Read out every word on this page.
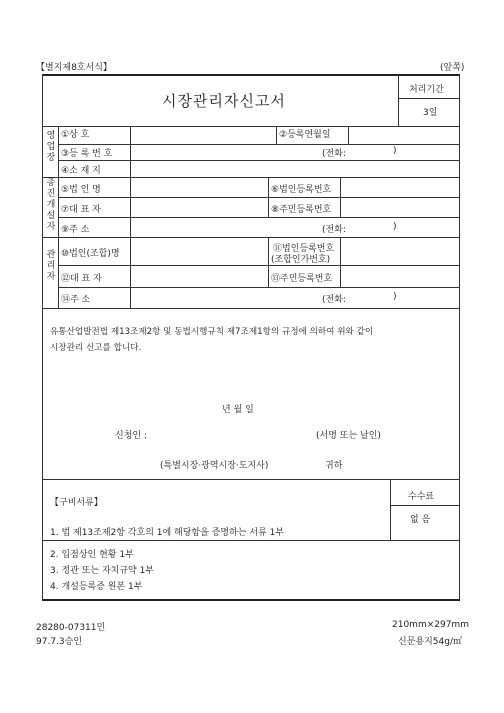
【별지제8호서식】	(앞쪽)
시장관리자신고서
처리기간
3일
영
업
장
①상 호	②등록연월일
③등 록 번 호	(전화:	)
④소 재 지
총
진
개
설
자
⑤법 인 명	⑥법인등록번호
⑦대 표 자	⑧주민등록번호
⑨주 소	(전화:	)
관
리
자
⑩법인(조합)명	⑪법인등록번호
(조합인가번호)
⑫대 표 자	⑬주민등록번호
⑭주 소	(전화:	)
유통산업발전법 제13조제2항 및 동법시행규칙 제7조제1항의 규정에 의하여 위와 같이
시장관리 신고를 합니다.
년 월 일
신청인 :	(서명 또는 날인)
(특별시장·광역시장·도지사)	귀하
수수료
없 음
【구비서류】
1. 법 제13조제2항 각호의 1에 해당함을 증명하는 서류 1부
2. 입점상인 현황 1부
3. 정관 또는 자치규약 1부
4. 개설등록증 원본 1부
28280-07311민
97.7.3승인
210mm×297mm
신문용지54g/㎡
